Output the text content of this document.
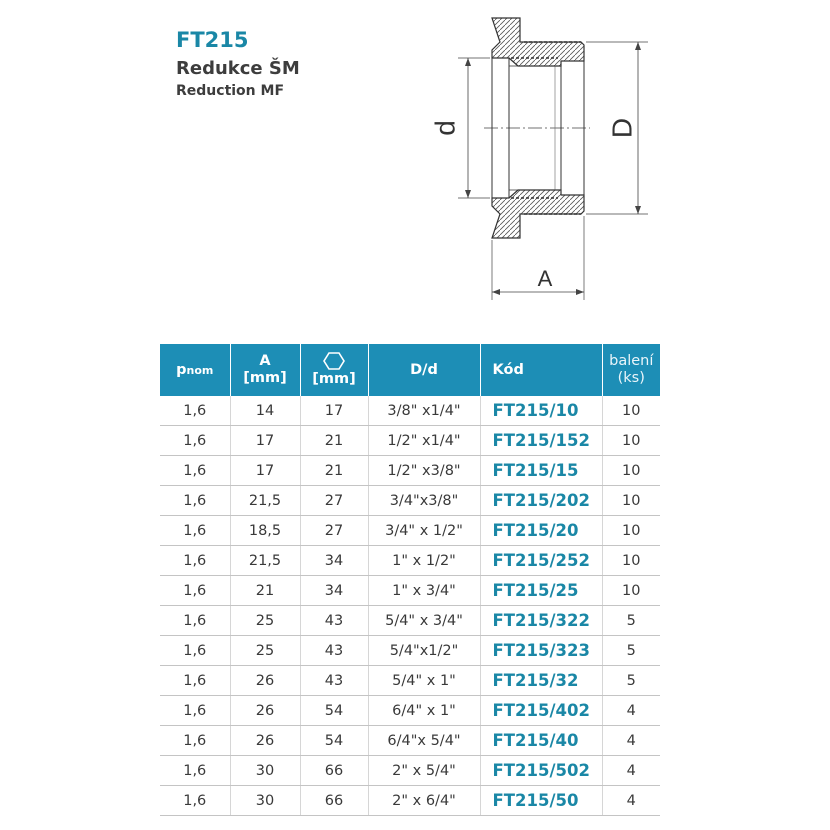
FT215
Redukce ŠM
Reduction MF
d	D
A
pnom	A
[mm]	[mm]	D/d	Kód	balení
(ks)
1,6	14	17	3/8" x1/4"	FT215/10	10
1,6	17	21	1/2" x1/4"	FT215/152	10
1,6	17	21	1/2" x3/8"	FT215/15	10
1,6	21,5	27	3/4"x3/8"	FT215/202	10
1,6	18,5	27	3/4" x 1/2"	FT215/20	10
1,6	21,5	34	1" x 1/2"	FT215/252	10
1,6	21	34	1" x 3/4"	FT215/25	10
1,6	25	43	5/4" x 3/4"	FT215/322	5
1,6	25	43	5/4"x1/2"	FT215/323	5
1,6	26	43	5/4" x 1"	FT215/32	5
1,6	26	54	6/4" x 1"	FT215/402	4
1,6	26	54	6/4"x 5/4"	FT215/40	4
1,6	30	66	2" x 5/4"	FT215/502	4
1,6	30	66	2" x 6/4"	FT215/50	4
